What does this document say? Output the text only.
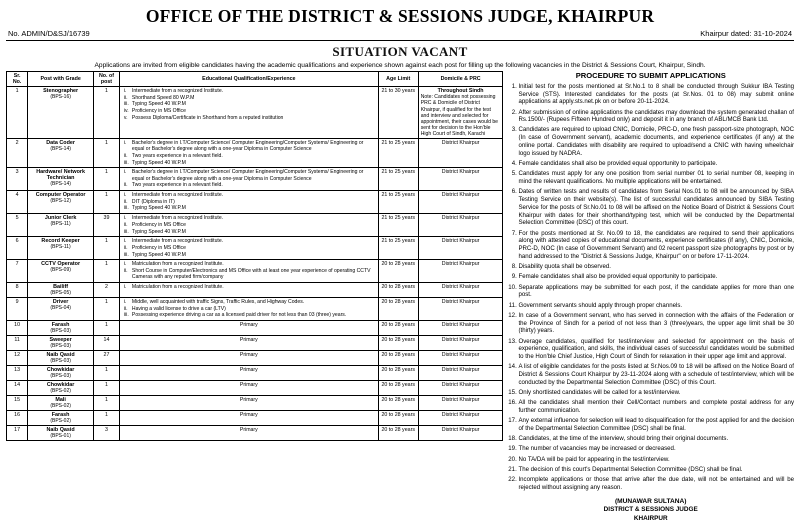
OFFICE OF THE DISTRICT & SESSIONS JUDGE, KHAIRPUR
No. ADMIN/D&SJ/16739	Khairpur dated: 31-10-2024
SITUATION VACANT
Applications are invited from eligible candidates having the academic qualifications and experience shown against each post for filling up the following vacancies in the District & Sessions Court, Khairpur, Sindh.
Sr. No.	Post with Grade	No. of post	Educational Qualification/Experience	Age Limit	Domicile & PRC
1	Stenographer
(BPS-16)
	1	
i.Intermediate from a recognized Institute.
ii. Shorthand Speed 80 W.P.M
iii. Typing Speed 40 W.P.M
iv. Proficiency in MS Office
v. Possess Diploma/Certificate in Shorthand from a reputed institution
	21 to 30 years	Throughout Sindh
Note: Candidates not possessing PRC & Domicile of District Khairpur, if qualified for the test and interview and selected for appointment, their cases would be sent for decision to the Hon'ble High Court of Sindh, Karachi

2	Data Coder
(BPS-14)
	1	
i.Bachelor's degree in I.T/Computer Science/ Computer Engineering/Computer Systems/ Engineering or equal or Bachelor's degree along with a one-year Diploma in Computer Science
ii. Two years experience in a relevant field.
iii. Typing Speed 40 W.P.M
	21 to 25 years	District Khairpur
3	Hardware/ Network Technician
(BPS-14)
	1	
i.Bachelor's degree in I.T/Computer Science/ Computer Engineering/Computer Systems/ Engineering or equal or Bachelor's degree along with a one-year Diploma in Computer Science
ii. Two years experience in a relevant field.
	21 to 25 years	District Khairpur
4	Computer Operator
(BPS-12)
	1	
i.Intermediate from a recognized Institute.
ii. DIT (Diploma in IT)
iii. Typing Speed 40 W.P.M
	21 to 25 years	District Khairpur
5	Junior Clerk
(BPS-11)
	39	
i.Intermediate from a recognized Institute.
ii. Proficiency in MS Office
iii. Typing Speed 40 W.P.M
	21 to 25 years	District Khairpur
6	Record Keeper
(BPS-11)
	1	
i.Intermediate from a recognized Institute.
ii. Proficiency in MS Office
iii. Typing Speed 40 W.P.M
	21 to 25 years	District Khairpur
7	CCTV Operator
(BPS-09)
	1	
i.Matriculation from a recognized Institute.
ii. Short Course in Computer/Electronics and MS Office with at least one year experience of operating CCTV Cameras with any reputed firm/company
	20 to 28 years	District Khairpur
8	Bailiff
(BPS-05)
	2	
i.Matriculation from a recognized Institute.	20 to 28 years	District Khairpur
9	Driver
(BPS-04)
	1	
i.Middle, well acquainted with traffic Signs, Traffic Rules, and Highway Codes.
ii. Having a valid license to drive a car (LTV)
iii. Possessing experience driving a car as a licensed paid driver for not less than 03 (three) years.
	20 to 28 years	District Khairpur
10	Farash
(BPS-03)	1	Primary	20 to 28 years	District Khairpur
11	Sweeper
(BPS-03)	14	Primary	20 to 28 years	District Khairpur
12	Naib Qasid
(BPS-03)	27	Primary	20 to 28 years	District Khairpur
13	Chowkidar
(BPS-03)	1	Primary	20 to 28 years	District Khairpur
14	Chowkidar
(BPS-02)	1	Primary	20 to 28 years	District Khairpur
15	Mali
(BPS-02)	1	Primary	20 to 28 years	District Khairpur
16	Farash
(BPS-02)	1	Primary	20 to 28 years	District Khairpur
17	Naib Qasid
(BPS-01)	3	Primary	20 to 28 years	District Khairpur
PROCEDURE TO SUBMIT APPLICATIONS
1. Initial test for the posts mentioned at Sr.No.1 to 8 shall be conducted through Sukkur IBA Testing Service (STS). Interested candidates for the posts (at Sr.Nos. 01 to 08) may submit online applications at apply.sts.net.pk on or before 20-11-2024.
2. After submission of online applications the candidates may download the system generated challan of Rs.1500/- (Rupees Fifteen Hundred only) and deposit it in any branch of ABL/MCB Bank Ltd.
3. Candidates are required to upload CNIC, Domicile, PRC-D, one fresh passport-size photograph, NOC (In case of Government servant), academic documents, and experience certificates (if any) at the online portal. Candidates with disability are required to upload/send a CNIC with having wheelchair logo issued by NADRA.
4. Female candidates shall also be provided equal opportunity to participate.
5. Candidates must apply for any one position from serial number 01 to serial number 08, keeping in mind the relevant qualifications. No multiple applications will be entertained.
6. Dates of written tests and results of candidates from Serial Nos.01 to 08 will be announced by SIBA Testing Service on their website(s). The list of successful candidates announced by SIBA Testing Service for the posts of Sr.No.01 to 08 will be affixed on the Notice Board of District & Sessions Court Khairpur with dates for their shorthand/typing test, which will be conducted by the Departmental Selection Committee (DSC) of this court.
7. For the posts mentioned at Sr. No.09 to 18, the candidates are required to send their applications along with attested copies of educational documents, experience certificates (if any), CNIC, Domicile, PRC-D, NOC (In case of Government Servant) and 02 recent passport size photographs by post or by hand addressed to the "District & Sessions Judge, Khairpur" on or before 17-11-2024.
8. Disability quota shall be observed.
9. Female candidates shall also be provided equal opportunity to participate.
10. Separate applications may be submitted for each post, if the candidate applies for more than one post.
11. Government servants should apply through proper channels.
12. In case of a Government servant, who has served in connection with the affairs of the Federation or the Province of Sindh for a period of not less than 3 (three)years, the upper age limit shall be 30 (thirty) years.
13. Overage candidates, qualified for test/interview and selected for appointment on the basis of experience, qualification, and skills, the individual cases of successful candidates would be submitted to the Hon'ble Chief Justice, High Court of Sindh for relaxation in their upper age limit and approval.
14. A list of eligible candidates for the posts listed at Sr.Nos.09 to 18 will be affixed on the Notice Board of District & Sessions Court Khairpur by 23-11-2024 along with a schedule of test/interview, which will be conducted by the Departmental Selection Committee (DSC) of this Court.
15. Only shortlisted candidates will be called for a test/interview.
16. All the candidates shall mention their Cell/Contact numbers and complete postal address for any further communication.
17. Any external influence for selection will lead to disqualification for the post applied for and the decision of the Departmental Selection Committee (DSC) shall be final.
18. Candidates, at the time of the interview, should bring their original documents.
19. The number of vacancies may be increased or decreased.
20. No TA/DA will be paid for appearing in the test/interview.
21. The decision of this court's Departmental Selection Committee (DSC) shall be final.
22. Incomplete applications or those that arrive after the due date, will not be entertained and will be rejected without assigning any reason.
(MUNAWAR SULTANA)
DISTRICT & SESSIONS JUDGE
KHAIRPUR
